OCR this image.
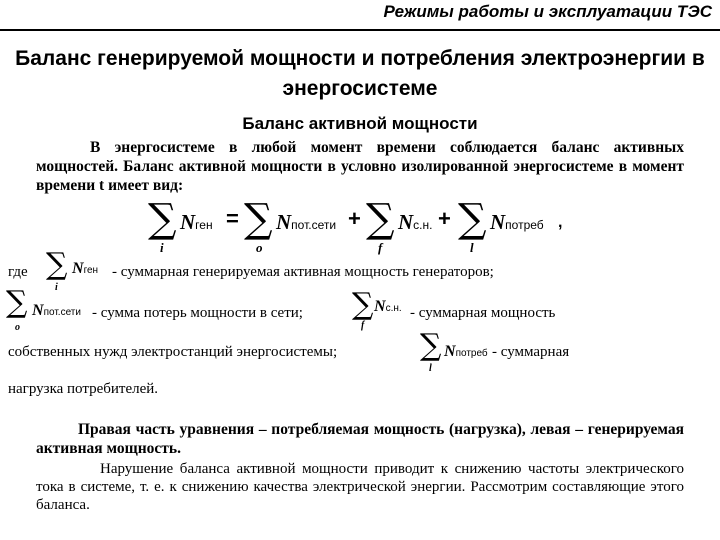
Режимы работы и эксплуатации ТЭС
Баланс генерируемой мощности и потребления электроэнергии в энергосистеме
Баланс активной мощности
В энергосистеме в любой момент времени соблюдается баланс активных мощностей. Баланс активной мощности в условно изолированной энергосистеме в момент времени t имеет вид:
∑
i
Nген = ∑
о
Nпот.сети + ∑
f
Nс.н. + ∑
l
Nпотреб ,
где ∑
i
Nген - суммарная генерируемая активная мощность генераторов;
∑
о
Nпот.сети - сумма потерь мощности в сети; ∑
f
Nс.н. - суммарная мощность
собственных нужд электростанций энергосистемы;	∑
l
Nпотреб - суммарная
нагрузка потребителей.
Правая часть уравнения – потребляемая мощность (нагрузка), левая – генерируемая активная мощность.
Нарушение баланса активной мощности приводит к снижению частоты электрического тока в системе, т. е. к снижению качества электрической энергии. Рассмотрим составляющие этого баланса.
